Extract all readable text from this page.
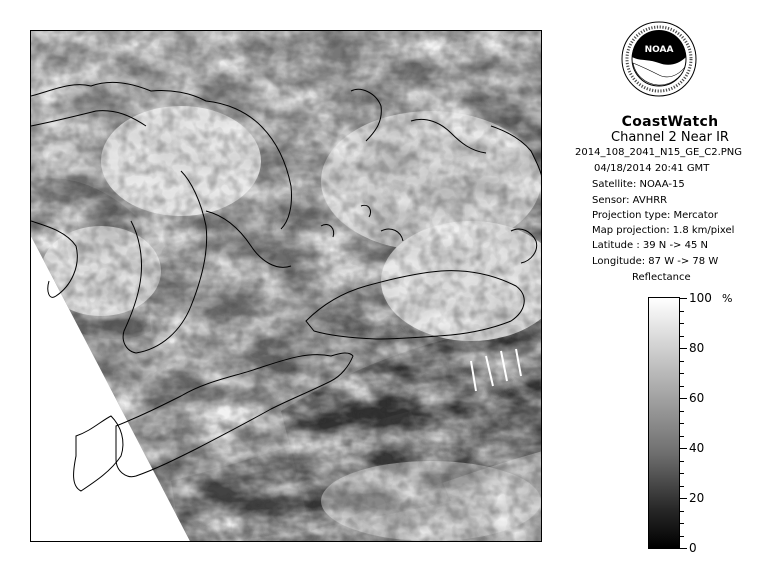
NOAA
CoastWatch
Channel 2 Near IR
2014_108_2041_N15_GE_C2.PNG
04/18/2014 20:41 GMT
Satellite: NOAA-15
Sensor: AVHRR
Projection type: Mercator
Map projection: 1.8 km/pixel
Latitude : 39 N -> 45 N
Longitude: 87 W -> 78 W
Reflectance
%
100
80
60
40
20
0
